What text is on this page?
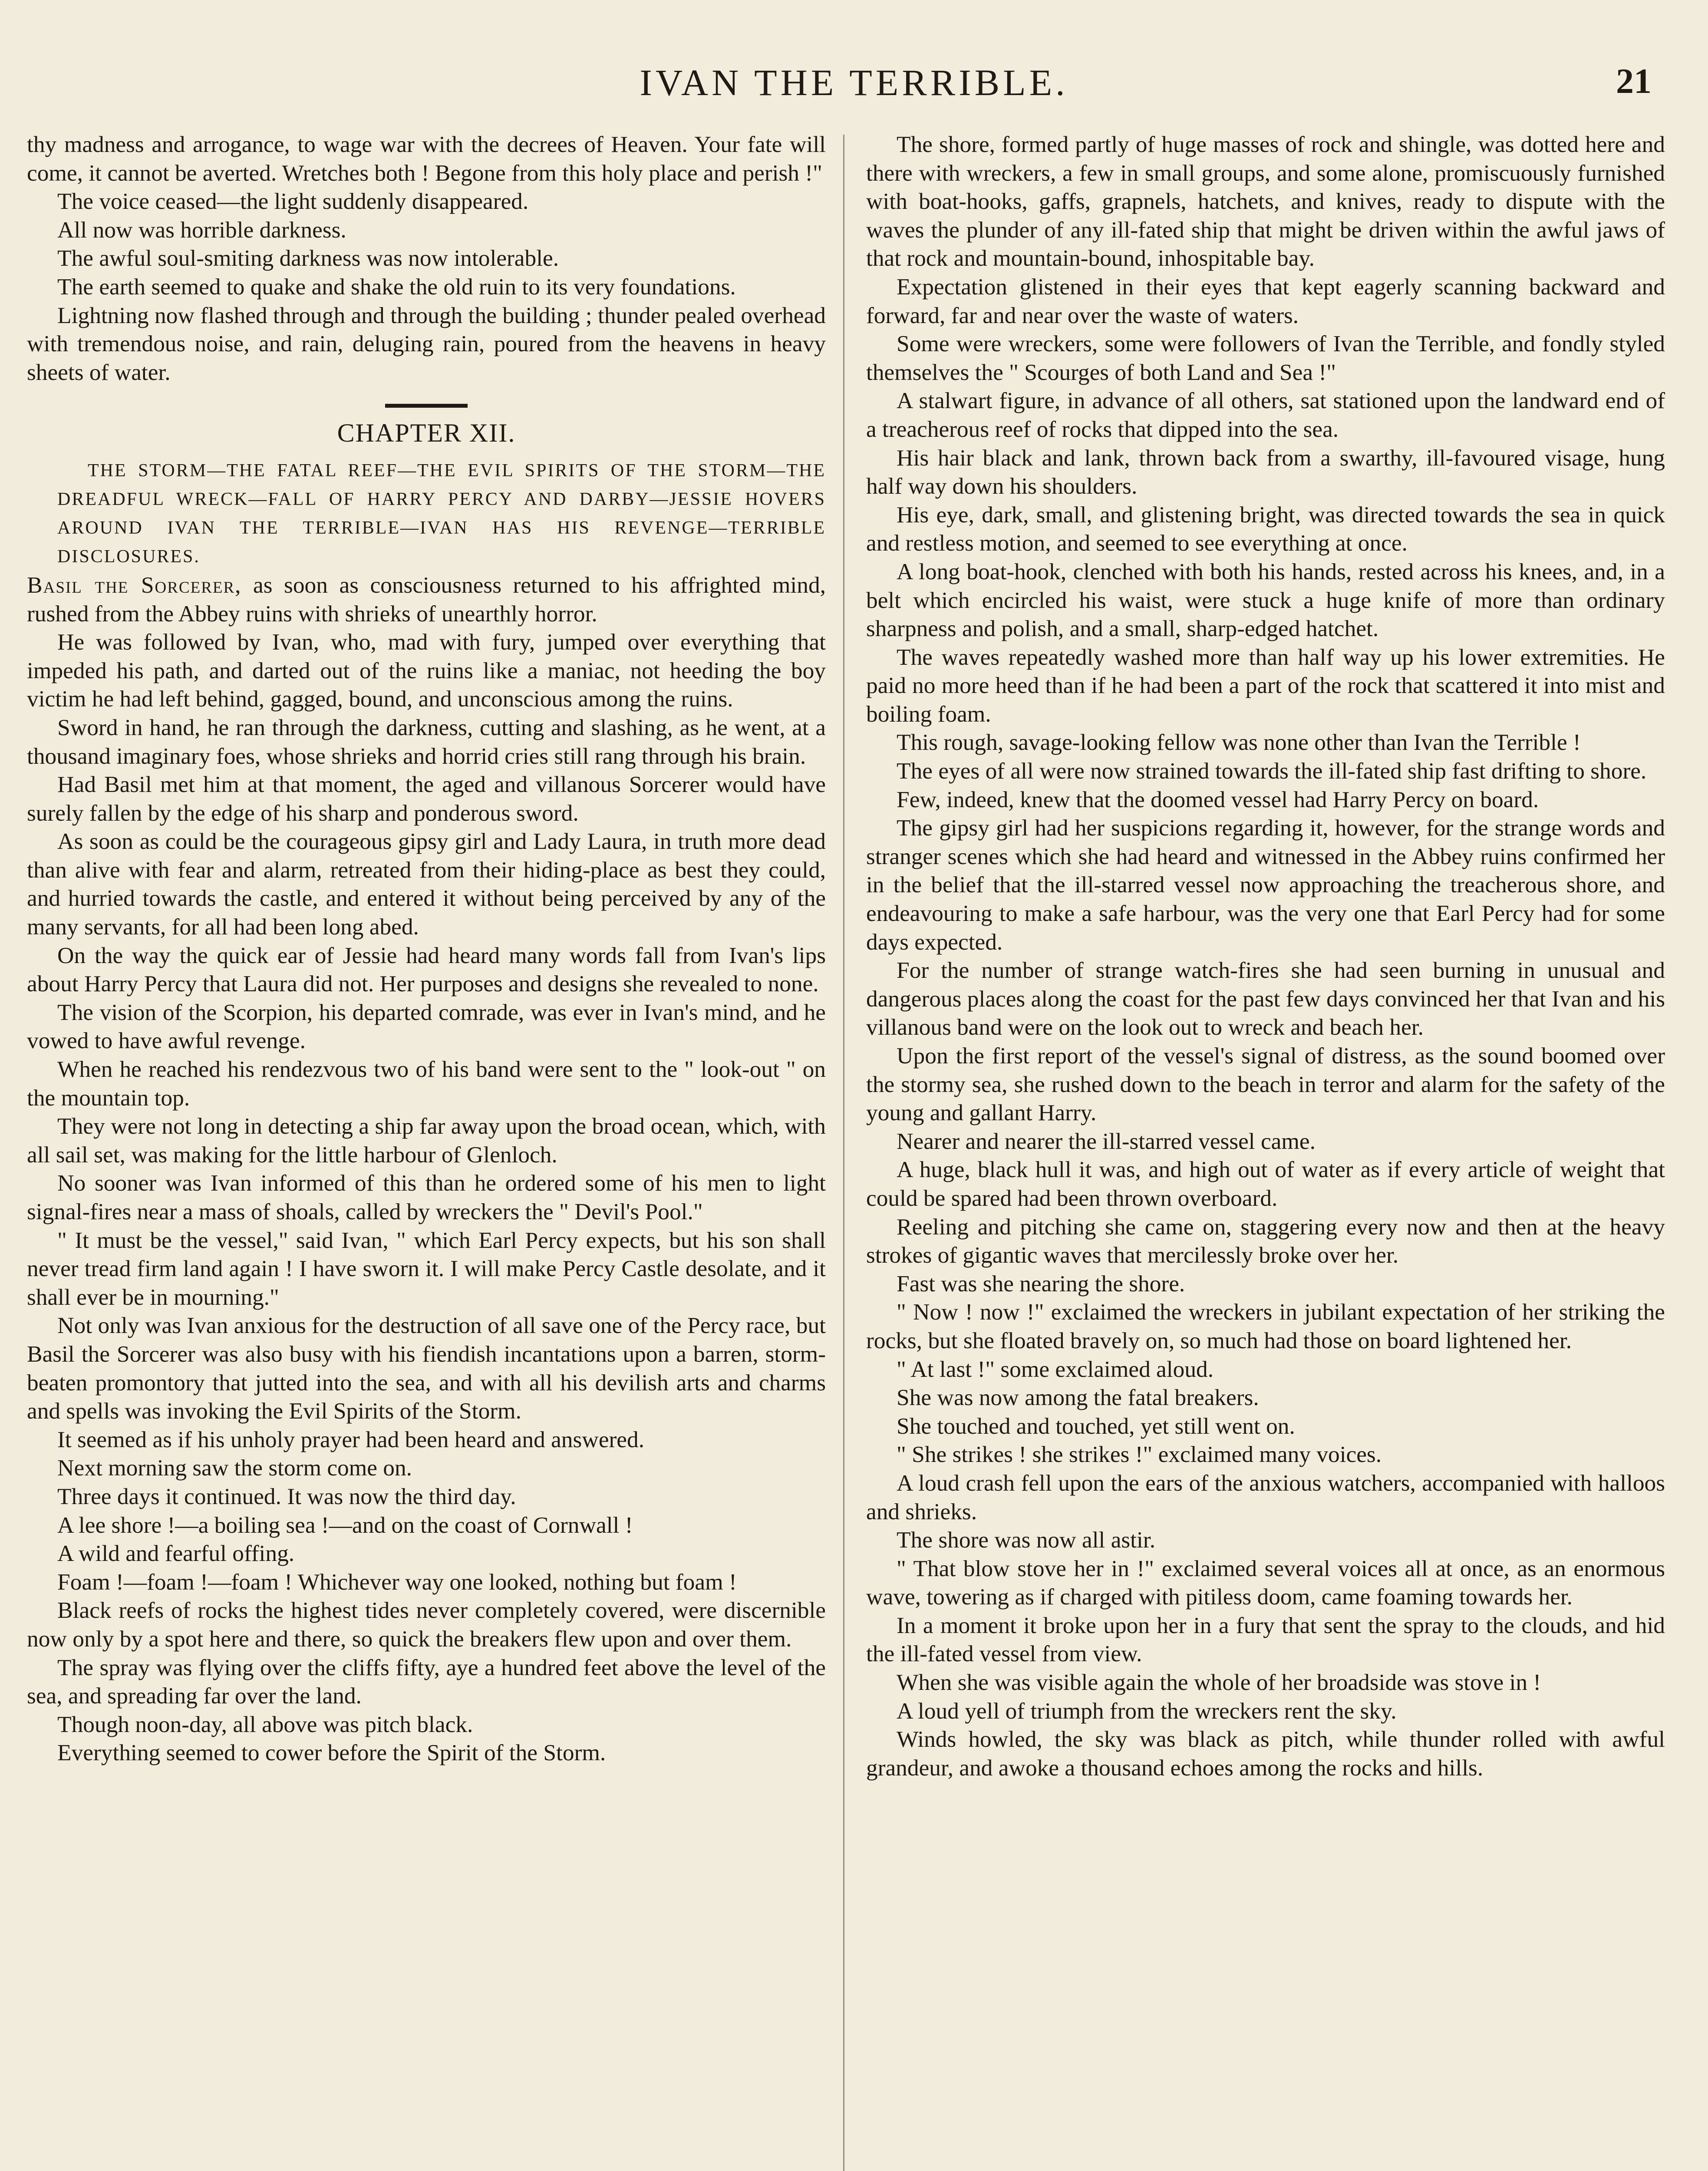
IVAN THE TERRIBLE.	21

thy madness and arrogance, to wage war with the decrees of Heaven. Your fate will come, it cannot be averted. Wretches both ! Begone from this holy place and perish !"

The voice ceased—the light suddenly disappeared.

All now was horrible darkness.

The awful soul-smiting darkness was now intolerable.

The earth seemed to quake and shake the old ruin to its very foundations.

Lightning now flashed through and through the building ; thunder pealed overhead with tremendous noise, and rain, deluging rain, poured from the heavens in heavy sheets of water.

CHAPTER XII.

THE STORM—THE FATAL REEF—THE EVIL SPIRITS OF THE STORM—THE DREADFUL WRECK—FALL OF HARRY PERCY AND DARBY—JESSIE HOVERS AROUND IVAN THE TERRIBLE—IVAN HAS HIS REVENGE—TERRIBLE DISCLOSURES.

Basil the Sorcerer, as soon as consciousness returned to his affrighted mind, rushed from the Abbey ruins with shrieks of unearthly horror.

He was followed by Ivan, who, mad with fury, jumped over everything that impeded his path, and darted out of the ruins like a maniac, not heeding the boy victim he had left behind, gagged, bound, and unconscious among the ruins.

Sword in hand, he ran through the darkness, cutting and slashing, as he went, at a thousand imaginary foes, whose shrieks and horrid cries still rang through his brain.

Had Basil met him at that moment, the aged and villanous Sorcerer would have surely fallen by the edge of his sharp and ponderous sword.

As soon as could be the courageous gipsy girl and Lady Laura, in truth more dead than alive with fear and alarm, retreated from their hiding-place as best they could, and hurried towards the castle, and entered it without being perceived by any of the many servants, for all had been long abed.

On the way the quick ear of Jessie had heard many words fall from Ivan's lips about Harry Percy that Laura did not. Her purposes and designs she revealed to none.

The vision of the Scorpion, his departed comrade, was ever in Ivan's mind, and he vowed to have awful revenge.

When he reached his rendezvous two of his band were sent to the " look-out " on the mountain top.

They were not long in detecting a ship far away upon the broad ocean, which, with all sail set, was making for the little harbour of Glenloch.

No sooner was Ivan informed of this than he ordered some of his men to light signal-fires near a mass of shoals, called by wreckers the " Devil's Pool."

" It must be the vessel," said Ivan, " which Earl Percy expects, but his son shall never tread firm land again ! I have sworn it. I will make Percy Castle desolate, and it shall ever be in mourning."

Not only was Ivan anxious for the destruction of all save one of the Percy race, but Basil the Sorcerer was also busy with his fiendish incantations upon a barren, storm-beaten promontory that jutted into the sea, and with all his devilish arts and charms and spells was invoking the Evil Spirits of the Storm.

It seemed as if his unholy prayer had been heard and answered.

Next morning saw the storm come on.

Three days it continued. It was now the third day.

A lee shore !—a boiling sea !—and on the coast of Cornwall !

A wild and fearful offing.

Foam !—foam !—foam ! Whichever way one looked, nothing but foam !

Black reefs of rocks the highest tides never completely covered, were discernible now only by a spot here and there, so quick the breakers flew upon and over them.

The spray was flying over the cliffs fifty, aye a hundred feet above the level of the sea, and spreading far over the land.

Though noon-day, all above was pitch black.

Everything seemed to cower before the Spirit of the Storm.

The shore, formed partly of huge masses of rock and shingle, was dotted here and there with wreckers, a few in small groups, and some alone, promiscuously furnished with boat-hooks, gaffs, grapnels, hatchets, and knives, ready to dispute with the waves the plunder of any ill-fated ship that might be driven within the awful jaws of that rock and mountain-bound, inhospitable bay.

Expectation glistened in their eyes that kept eagerly scanning backward and forward, far and near over the waste of waters.

Some were wreckers, some were followers of Ivan the Terrible, and fondly styled themselves the " Scourges of both Land and Sea !"

A stalwart figure, in advance of all others, sat stationed upon the landward end of a treacherous reef of rocks that dipped into the sea.

His hair black and lank, thrown back from a swarthy, ill-favoured visage, hung half way down his shoulders.

His eye, dark, small, and glistening bright, was directed towards the sea in quick and restless motion, and seemed to see everything at once.

A long boat-hook, clenched with both his hands, rested across his knees, and, in a belt which encircled his waist, were stuck a huge knife of more than ordinary sharpness and polish, and a small, sharp-edged hatchet.

The waves repeatedly washed more than half way up his lower extremities. He paid no more heed than if he had been a part of the rock that scattered it into mist and boiling foam.

This rough, savage-looking fellow was none other than Ivan the Terrible !

The eyes of all were now strained towards the ill-fated ship fast drifting to shore.

Few, indeed, knew that the doomed vessel had Harry Percy on board.

The gipsy girl had her suspicions regarding it, however, for the strange words and stranger scenes which she had heard and witnessed in the Abbey ruins confirmed her in the belief that the ill-starred vessel now approaching the treacherous shore, and endeavouring to make a safe harbour, was the very one that Earl Percy had for some days expected.

For the number of strange watch-fires she had seen burning in unusual and dangerous places along the coast for the past few days convinced her that Ivan and his villanous band were on the look out to wreck and beach her.

Upon the first report of the vessel's signal of distress, as the sound boomed over the stormy sea, she rushed down to the beach in terror and alarm for the safety of the young and gallant Harry.

Nearer and nearer the ill-starred vessel came.

A huge, black hull it was, and high out of water as if every article of weight that could be spared had been thrown overboard.

Reeling and pitching she came on, staggering every now and then at the heavy strokes of gigantic waves that mercilessly broke over her.

Fast was she nearing the shore.

" Now ! now !" exclaimed the wreckers in jubilant expectation of her striking the rocks, but she floated bravely on, so much had those on board lightened her.

" At last !" some exclaimed aloud.

She was now among the fatal breakers.

She touched and touched, yet still went on.

" She strikes ! she strikes !" exclaimed many voices.

A loud crash fell upon the ears of the anxious watchers, accompanied with halloos and shrieks.

The shore was now all astir.

" That blow stove her in !" exclaimed several voices all at once, as an enormous wave, towering as if charged with pitiless doom, came foaming towards her.

In a moment it broke upon her in a fury that sent the spray to the clouds, and hid the ill-fated vessel from view.

When she was visible again the whole of her broadside was stove in !

A loud yell of triumph from the wreckers rent the sky.

Winds howled, the sky was black as pitch, while thunder rolled with awful grandeur, and awoke a thousand echoes among the rocks and hills.
